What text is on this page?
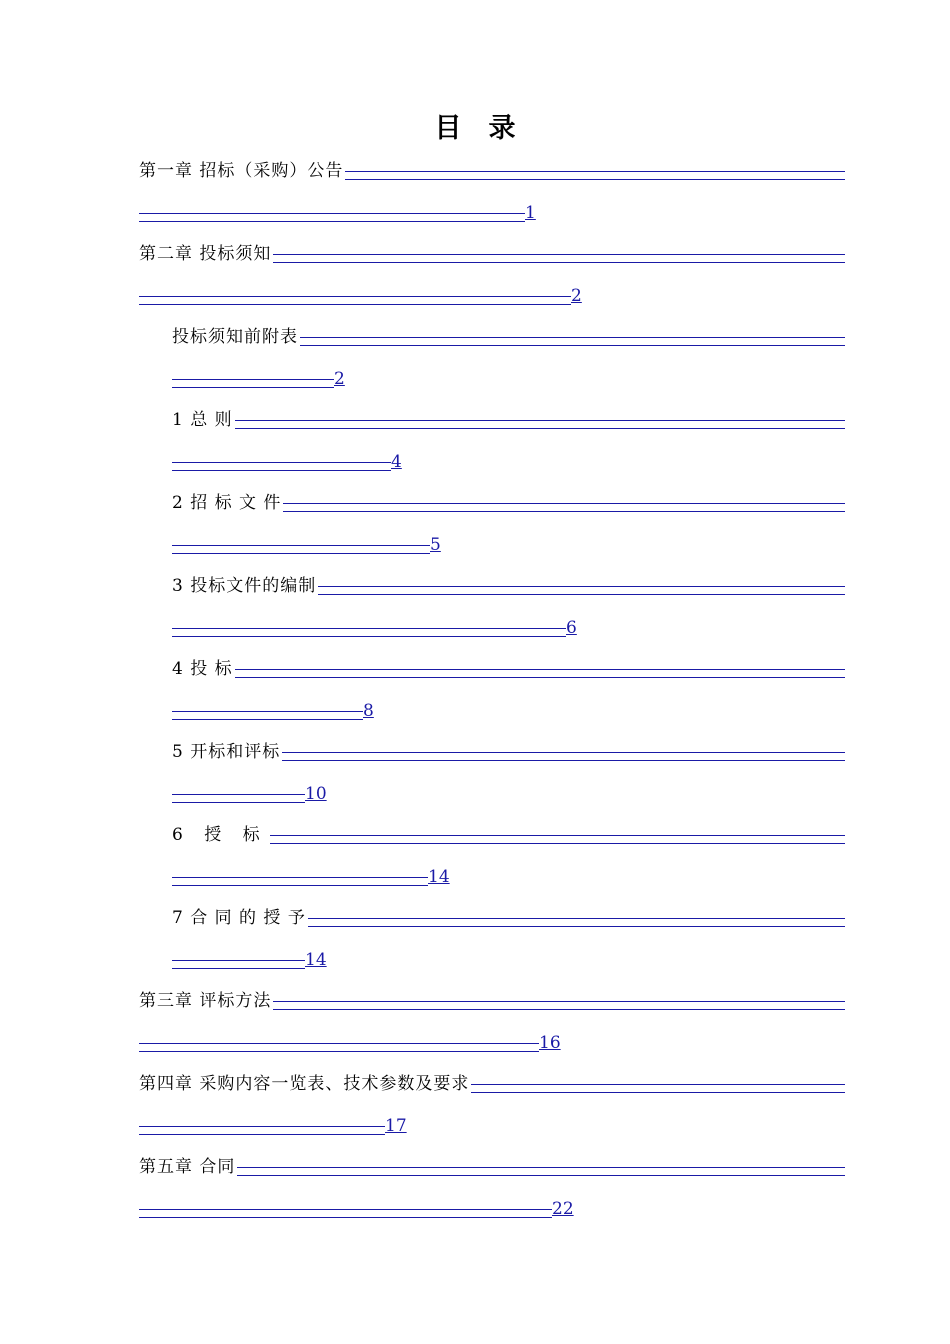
目　录
第一章 招标（采购）公告
1
第二章 投标须知
2
投标须知前附表
2
1 总 则
4
2 招 标 文 件
5
3 投标文件的编制
6
4 投 标
8
5 开标和评标
10
6 授 标
14
7 合 同 的 授 予
14
第三章 评标方法
16
第四章 采购内容一览表、技术参数及要求
17
第五章 合同
22
